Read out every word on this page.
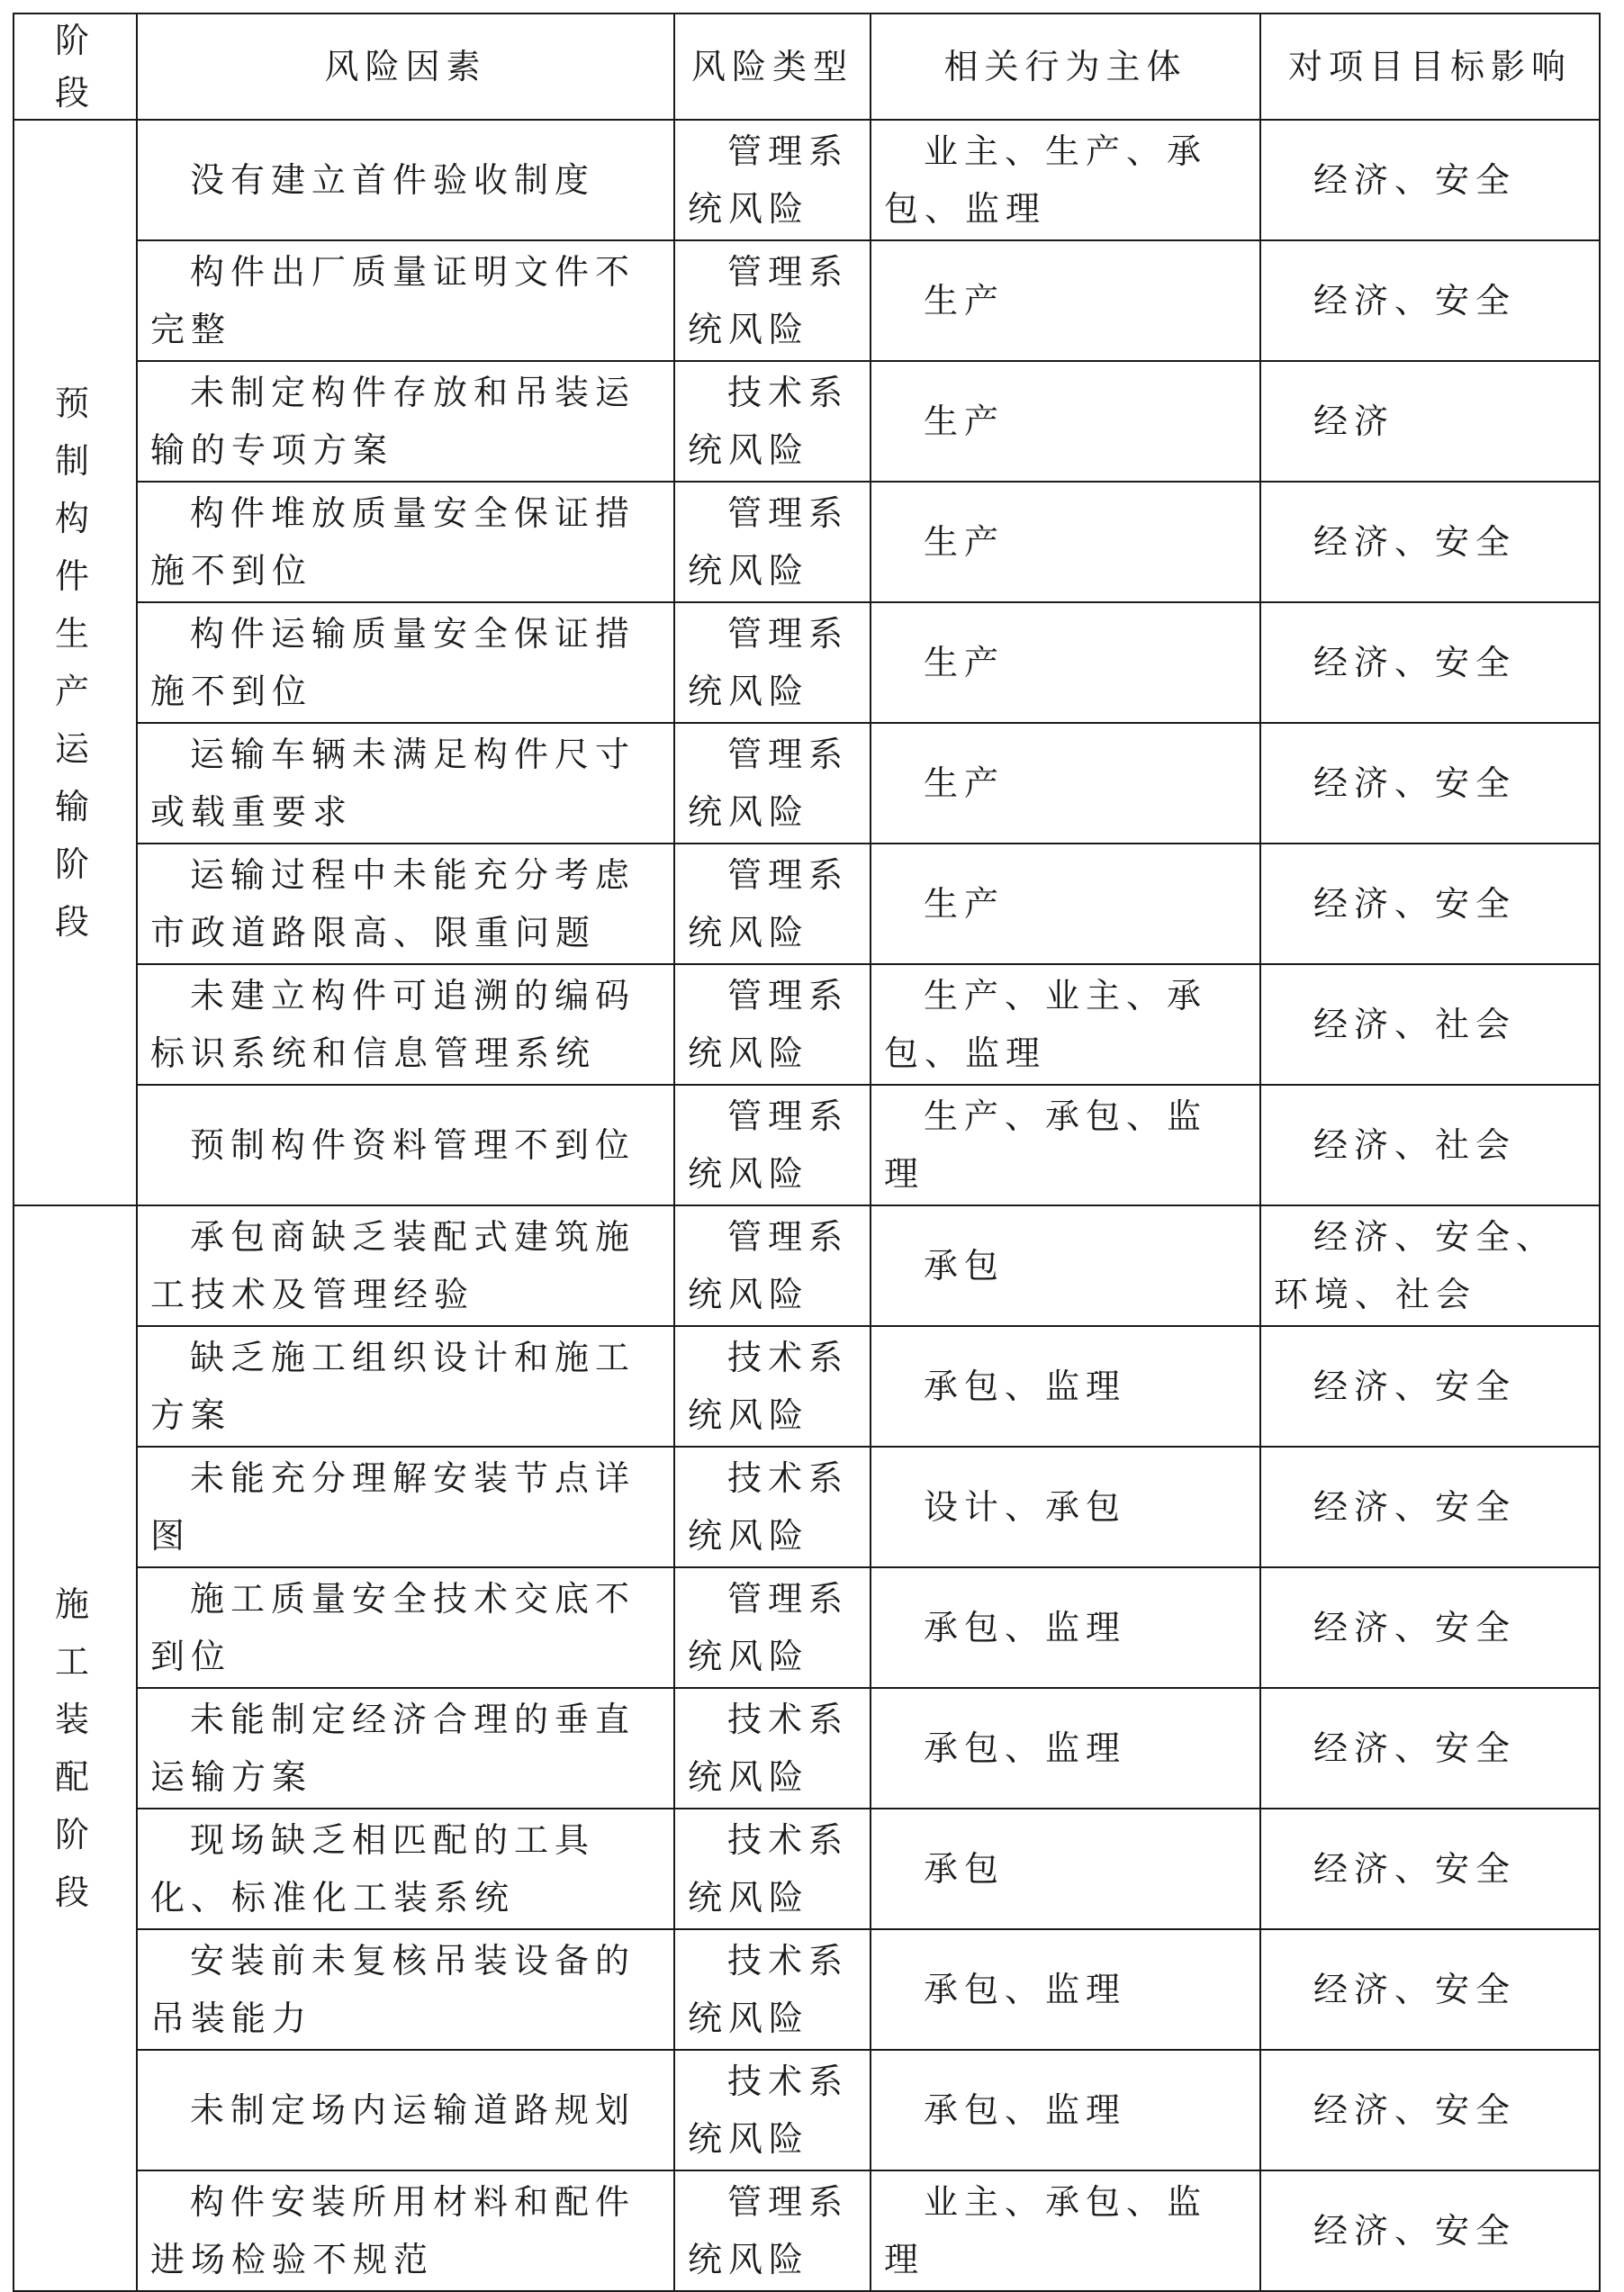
阶 段	风险因素	风险类型	相关行为主体	对项目目标影响
预制构件生产运输阶段	没有建立首件验收制度	管理系统风险	业主、生产、承包、监理	经济、安全
	构件出厂质量证明文件不完整	管理系统风险	生产	经济、安全
	未制定构件存放和吊装运输的专项方案	技术系统风险	生产	经济
	构件堆放质量安全保证措施不到位	管理系统风险	生产	经济、安全
	构件运输质量安全保证措施不到位	管理系统风险	生产	经济、安全
	运输车辆未满足构件尺寸或载重要求	管理系统风险	生产	经济、安全
	运输过程中未能充分考虑市政道路限高、限重问题	管理系统风险	生产	经济、安全
	未建立构件可追溯的编码标识系统和信息管理系统	管理系统风险	生产、业主、承包、监理	经济、社会
	预制构件资料管理不到位	管理系统风险	生产、承包、监理	经济、社会
施工装配阶段	承包商缺乏装配式建筑施工技术及管理经验	管理系统风险	承包	经济、安全、环境、社会
	缺乏施工组织设计和施工方案	技术系统风险	承包、监理	经济、安全
	未能充分理解安装节点详图	技术系统风险	设计、承包	经济、安全
	施工质量安全技术交底不到位	管理系统风险	承包、监理	经济、安全
	未能制定经济合理的垂直运输方案	技术系统风险	承包、监理	经济、安全
	现场缺乏相匹配的工具化、标准化工装系统	技术系统风险	承包	经济、安全
	安装前未复核吊装设备的吊装能力	技术系统风险	承包、监理	经济、安全
	未制定场内运输道路规划	技术系统风险	承包、监理	经济、安全
	构件安装所用材料和配件进场检验不规范	管理系统风险	业主、承包、监理	经济、安全
